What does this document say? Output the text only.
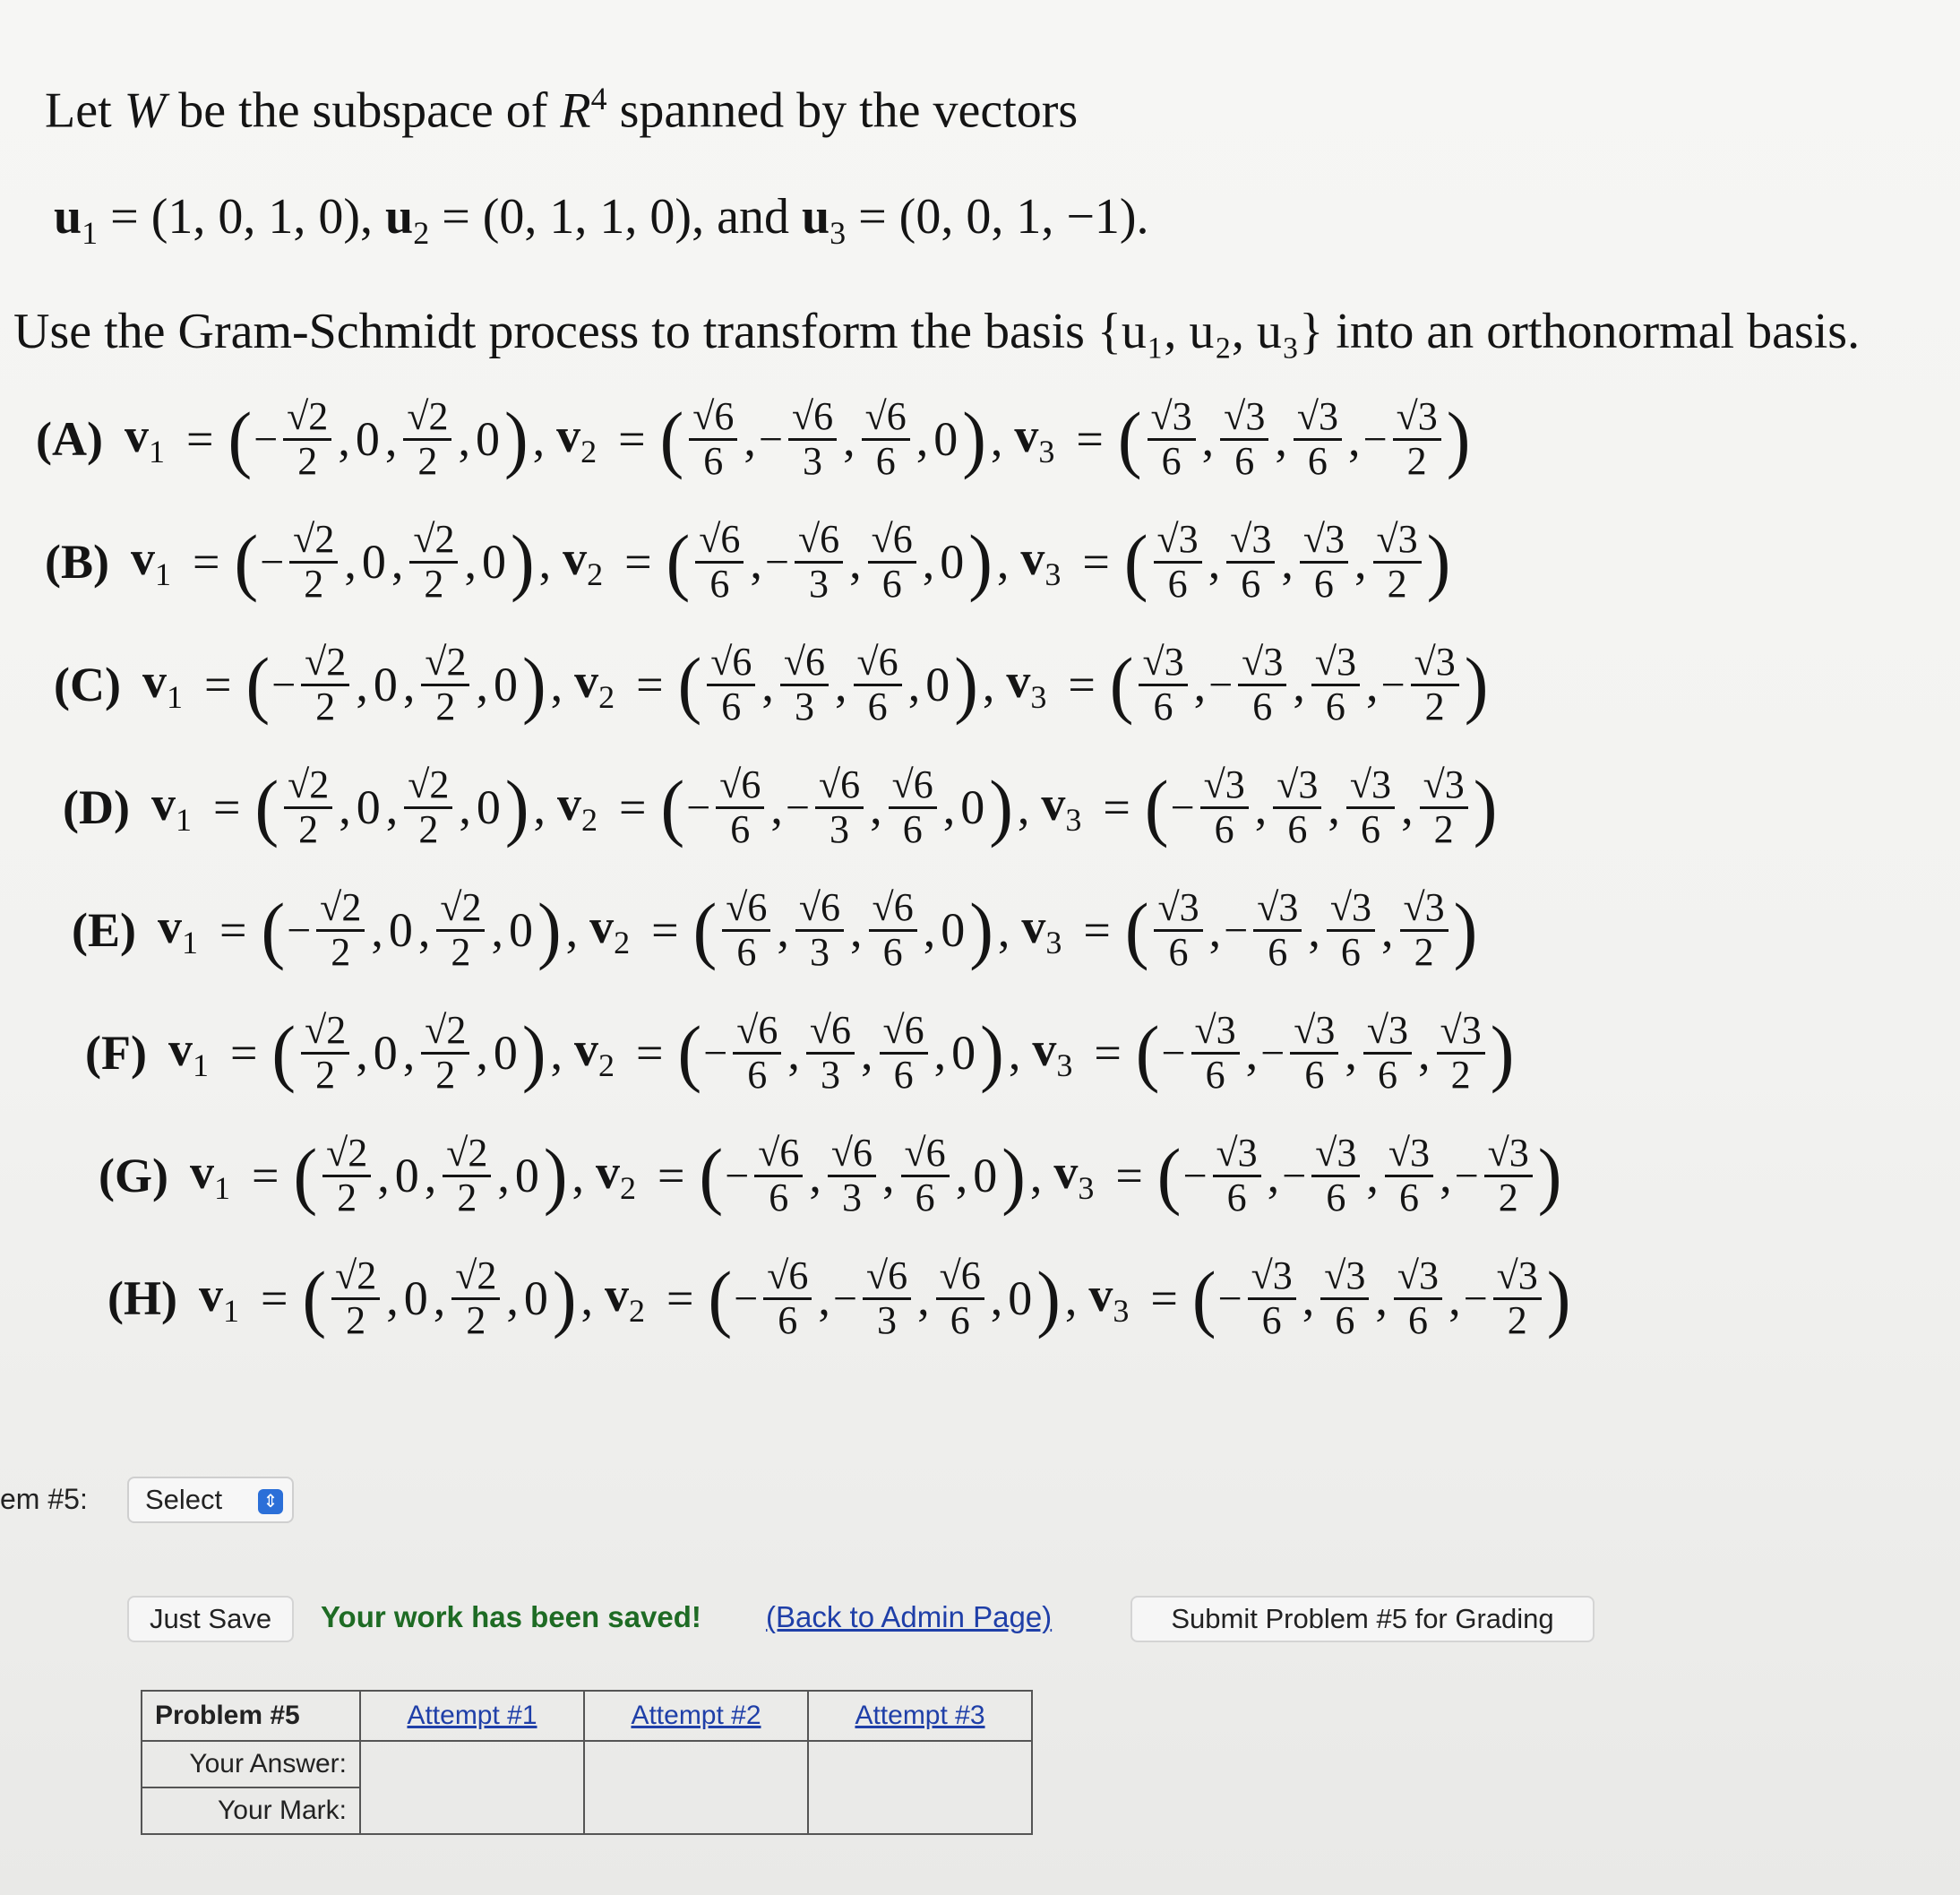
Let W be the subspace of $R^4$ spanned by the vectors
$u_1 = (1$, 0, 1, 0), $u_2 = (0$, 1, 1, 0), and $u_3 = (0$, 0, 1, −1).
Use the Gram-Schmidt process to transform the basis {u₁, u₂, u₃} into an orthonormal basis.
(A) $v_1$ = ( − $\frac{√2}{2}$ , 0 , $\frac{√2}{2}$ , 0 ) , $v_2$ = ( $\frac{√6}{6}$ , − $\frac{√6}{3}$ , $\frac{√6}{6}$ , 0 ) , $v_3$ = ( $\frac{√3}{6}$ , $\frac{√3}{6}$ , $\frac{√3}{6}$ , − $\frac{√3}{2}$ )
(B) $v_1$ = ( − $\frac{√2}{2}$ , 0 , $\frac{√2}{2}$ , 0 ) , $v_2$ = ( $\frac{√6}{6}$ , − $\frac{√6}{3}$ , $\frac{√6}{6}$ , 0 ) , $v_3$ = ( $\frac{√3}{6}$ , $\frac{√3}{6}$ , $\frac{√3}{6}$ , $\frac{√3}{2}$ )
(C) $v_1$ = ( − $\frac{√2}{2}$ , 0 , $\frac{√2}{2}$ , 0 ) , $v_2$ = ( $\frac{√6}{6}$ , $\frac{√6}{3}$ , $\frac{√6}{6}$ , 0 ) , $v_3$ = ( $\frac{√3}{6}$ , − $\frac{√3}{6}$ , $\frac{√3}{6}$ , − $\frac{√3}{2}$ )
(D) $v_1$ = ( $\frac{√2}{2}$ , 0 , $\frac{√2}{2}$ , 0 ) , $v_2$ = ( − $\frac{√6}{6}$ , − $\frac{√6}{3}$ , $\frac{√6}{6}$ , 0 ) , $v_3$ = ( − $\frac{√3}{6}$ , $\frac{√3}{6}$ , $\frac{√3}{6}$ , $\frac{√3}{2}$ )
(E) $v_1$ = ( − $\frac{√2}{2}$ , 0 , $\frac{√2}{2}$ , 0 ) , $v_2$ = ( $\frac{√6}{6}$ , $\frac{√6}{3}$ , $\frac{√6}{6}$ , 0 ) , $v_3$ = ( $\frac{√3}{6}$ , − $\frac{√3}{6}$ , $\frac{√3}{6}$ , $\frac{√3}{2}$ )
(F) $v_1$ = ( $\frac{√2}{2}$ , 0 , $\frac{√2}{2}$ , 0 ) , $v_2$ = ( − $\frac{√6}{6}$ , $\frac{√6}{3}$ , $\frac{√6}{6}$ , 0 ) , $v_3$ = ( − $\frac{√3}{6}$ , − $\frac{√3}{6}$ , $\frac{√3}{6}$ , $\frac{√3}{2}$ )
(G) $v_1$ = ( $\frac{√2}{2}$ , 0 , $\frac{√2}{2}$ , 0 ) , $v_2$ = ( − $\frac{√6}{6}$ , $\frac{√6}{3}$ , $\frac{√6}{6}$ , 0 ) , $v_3$ = ( − $\frac{√3}{6}$ , − $\frac{√3}{6}$ , $\frac{√3}{6}$ , − $\frac{√3}{2}$ )
(H) $v_1$ = ( $\frac{√2}{2}$ , 0 , $\frac{√2}{2}$ , 0 ) , $v_2$ = ( − $\frac{√6}{6}$ , − $\frac{√6}{3}$ , $\frac{√6}{6}$ , 0 ) , $v_3$ = ( − $\frac{√3}{6}$ , $\frac{√3}{6}$ , $\frac{√3}{6}$ , − $\frac{√3}{2}$ )
em #5: Select ⇕
Just Save	Your work has been saved! (Back to Admin Page)	Submit Problem #5 for Grading
Problem #5	Attempt #1	Attempt #2	Attempt #3
Your Answer:			
Your Mark:			
